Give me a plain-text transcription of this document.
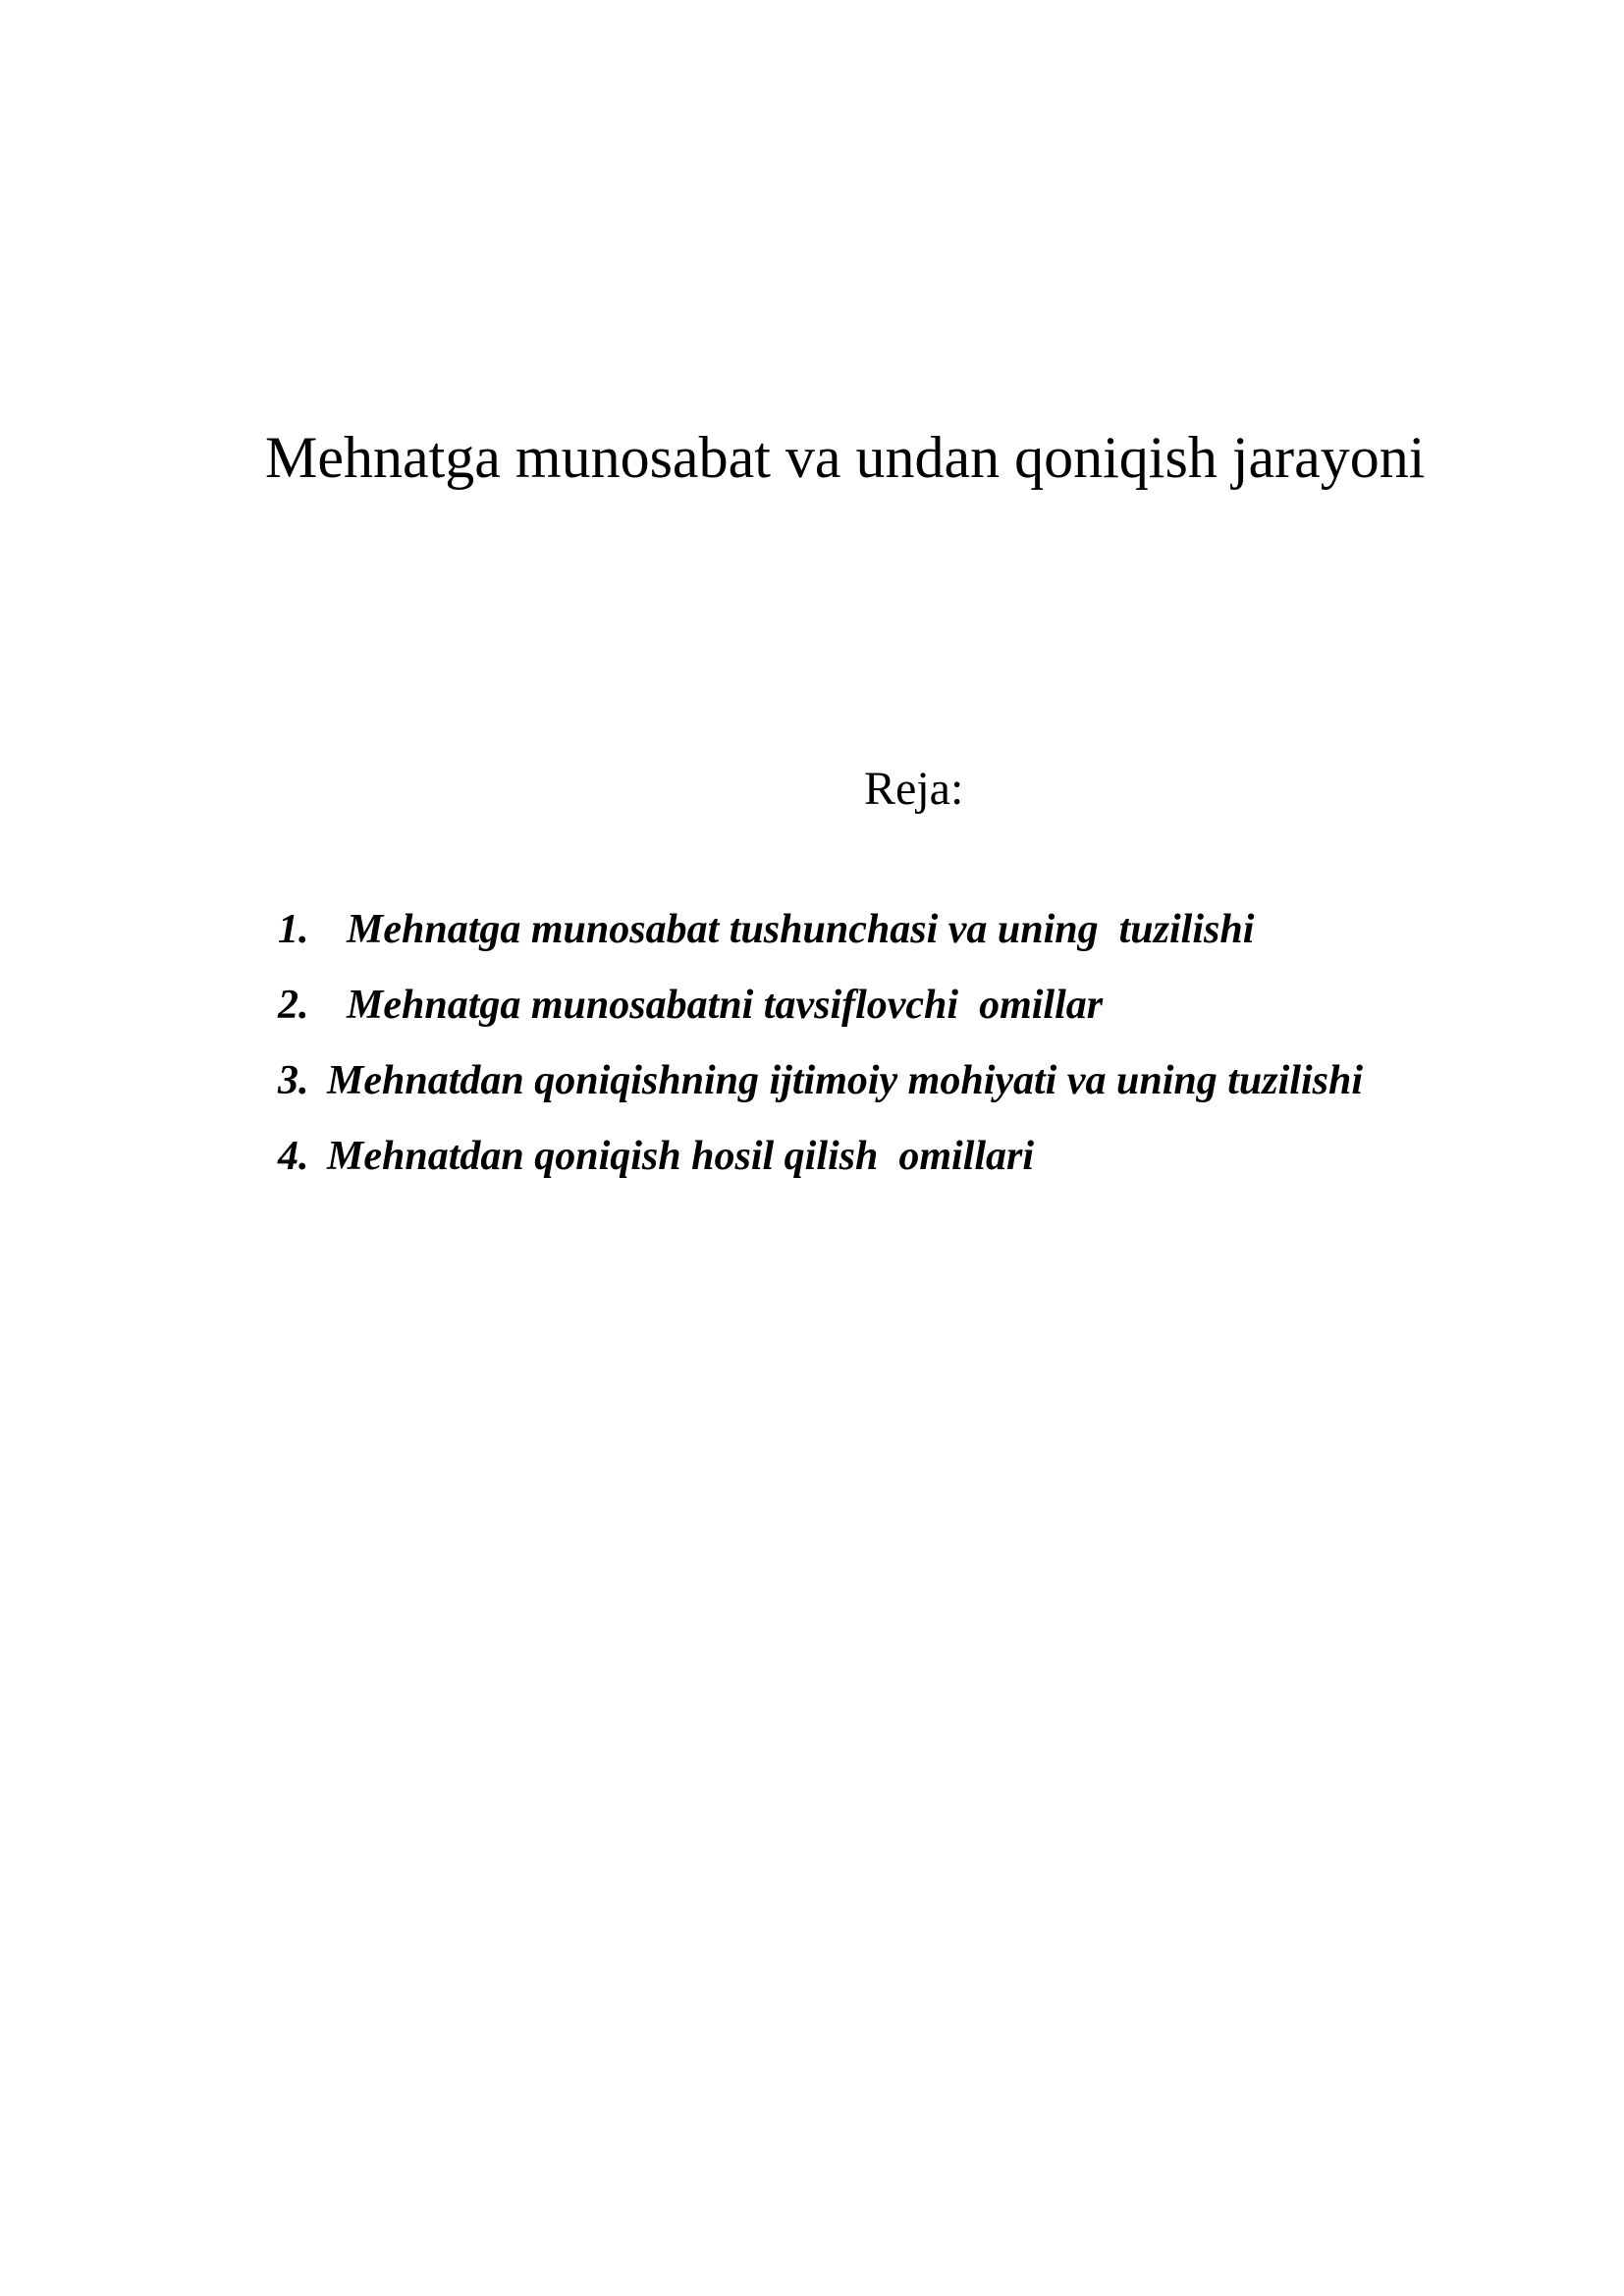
Mehnatga munosabat va undan qoniqish jarayoni
Reja:
1. Mehnatga munosabat tushunchasi va uning  tuzilishi
2. Mehnatga munosabatni tavsiflovchi  omillar
3. Mehnatdan qoniqishning ijtimoiy mohiyati va uning tuzilishi
4. Mehnatdan qoniqish hosil qilish  omillari
